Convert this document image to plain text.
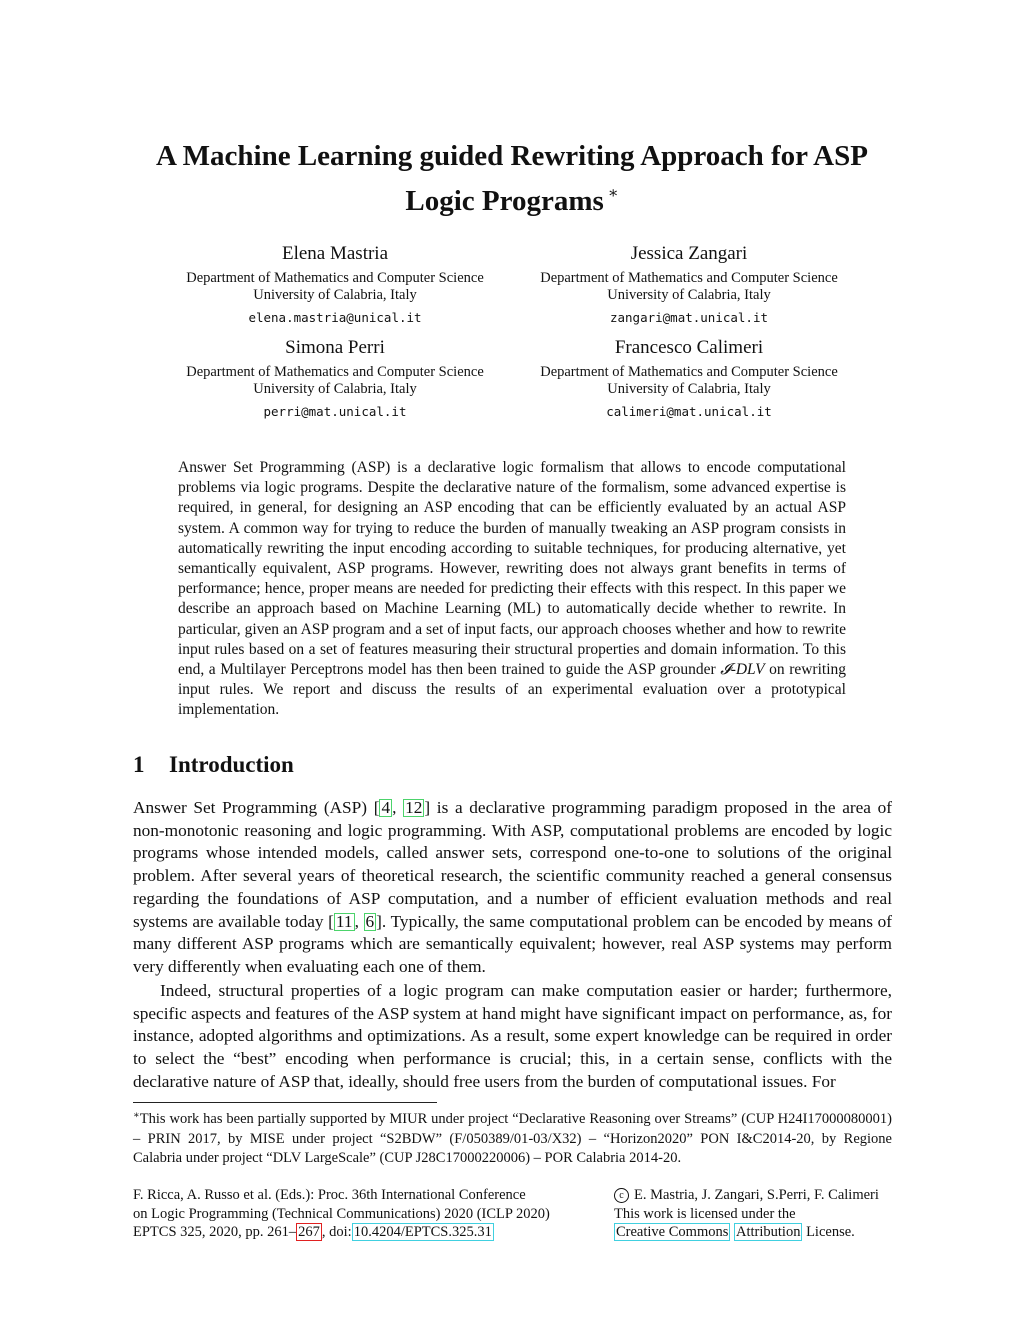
A Machine Learning guided Rewriting Approach for ASP
Logic Programs ∗
Elena Mastria
Department of Mathematics and Computer Science
University of Calabria, Italy
elena.mastria@unical.it
Jessica Zangari
Department of Mathematics and Computer Science
University of Calabria, Italy
zangari@mat.unical.it
Simona Perri
Department of Mathematics and Computer Science
University of Calabria, Italy
perri@mat.unical.it
Francesco Calimeri
Department of Mathematics and Computer Science
University of Calabria, Italy
calimeri@mat.unical.it

Answer Set Programming (ASP) is a declarative logic formalism that allows to encode computational problems via logic programs. Despite the declarative nature of the formalism, some advanced expertise is required, in general, for designing an ASP encoding that can be efficiently evaluated by an actual ASP system. A common way for trying to reduce the burden of manually tweaking an ASP program consists in automatically rewriting the input encoding according to suitable techniques, for producing alternative, yet semantically equivalent, ASP programs. However, rewriting does not always grant benefits in terms of performance; hence, proper means are needed for predicting their effects with this respect. In this paper we describe an approach based on Machine Learning (ML) to automatically decide whether to rewrite. In particular, given an ASP program and a set of input facts, our approach chooses whether and how to rewrite input rules based on a set of features measuring their structural properties and domain information. To this end, a Multilayer Perceptrons model has then been trained to guide the ASP grounder 𝓘-DLV on rewriting input rules. We report and discuss the results of an experimental evaluation over a prototypical implementation.

1 Introduction

Answer Set Programming (ASP) [ 4 , 12 ] is a declarative programming paradigm proposed in the area of non-monotonic reasoning and logic programming. With ASP, computational problems are encoded by logic programs whose intended models, called answer sets, correspond one-to-one to solutions of the original problem. After several years of theoretical research, the scientific community reached a general consensus regarding the foundations of ASP computation, and a number of efficient evaluation methods and real systems are available today [ 11 , 6 ]. Typically, the same computational problem can be encoded by means of many different ASP programs which are semantically equivalent; however, real ASP systems may perform very differently when evaluating each one of them.

Indeed, structural properties of a logic program can make computation easier or harder; furthermore, specific aspects and features of the ASP system at hand might have significant impact on performance, as, for instance, adopted algorithms and optimizations. As a result, some expert knowledge can be required in order to select the “best” encoding when performance is crucial; this, in a certain sense, conflicts with the declarative nature of ASP that, ideally, should free users from the burden of computational issues. For

∗This work has been partially supported by MIUR under project “Declarative Reasoning over Streams” (CUP H24I17000080001) – PRIN 2017, by MISE under project “S2BDW” (F/050389/01-03/X32) – “Horizon2020” PON I&C2014-20, by Regione Calabria under project “DLV LargeScale” (CUP J28C17000220006) – POR Calabria 2014-20.

F. Ricca, A. Russo et al. (Eds.): Proc. 36th International Conference
on Logic Programming (Technical Communications) 2020 (ICLP 2020)
EPTCS 325, 2020, pp. 261– 267 , doi: 10.4204/EPTCS.325.31
c E. Mastria, J. Zangari, S.Perri, F. Calimeri
This work is licensed under the
Creative Commons Attribution License.
